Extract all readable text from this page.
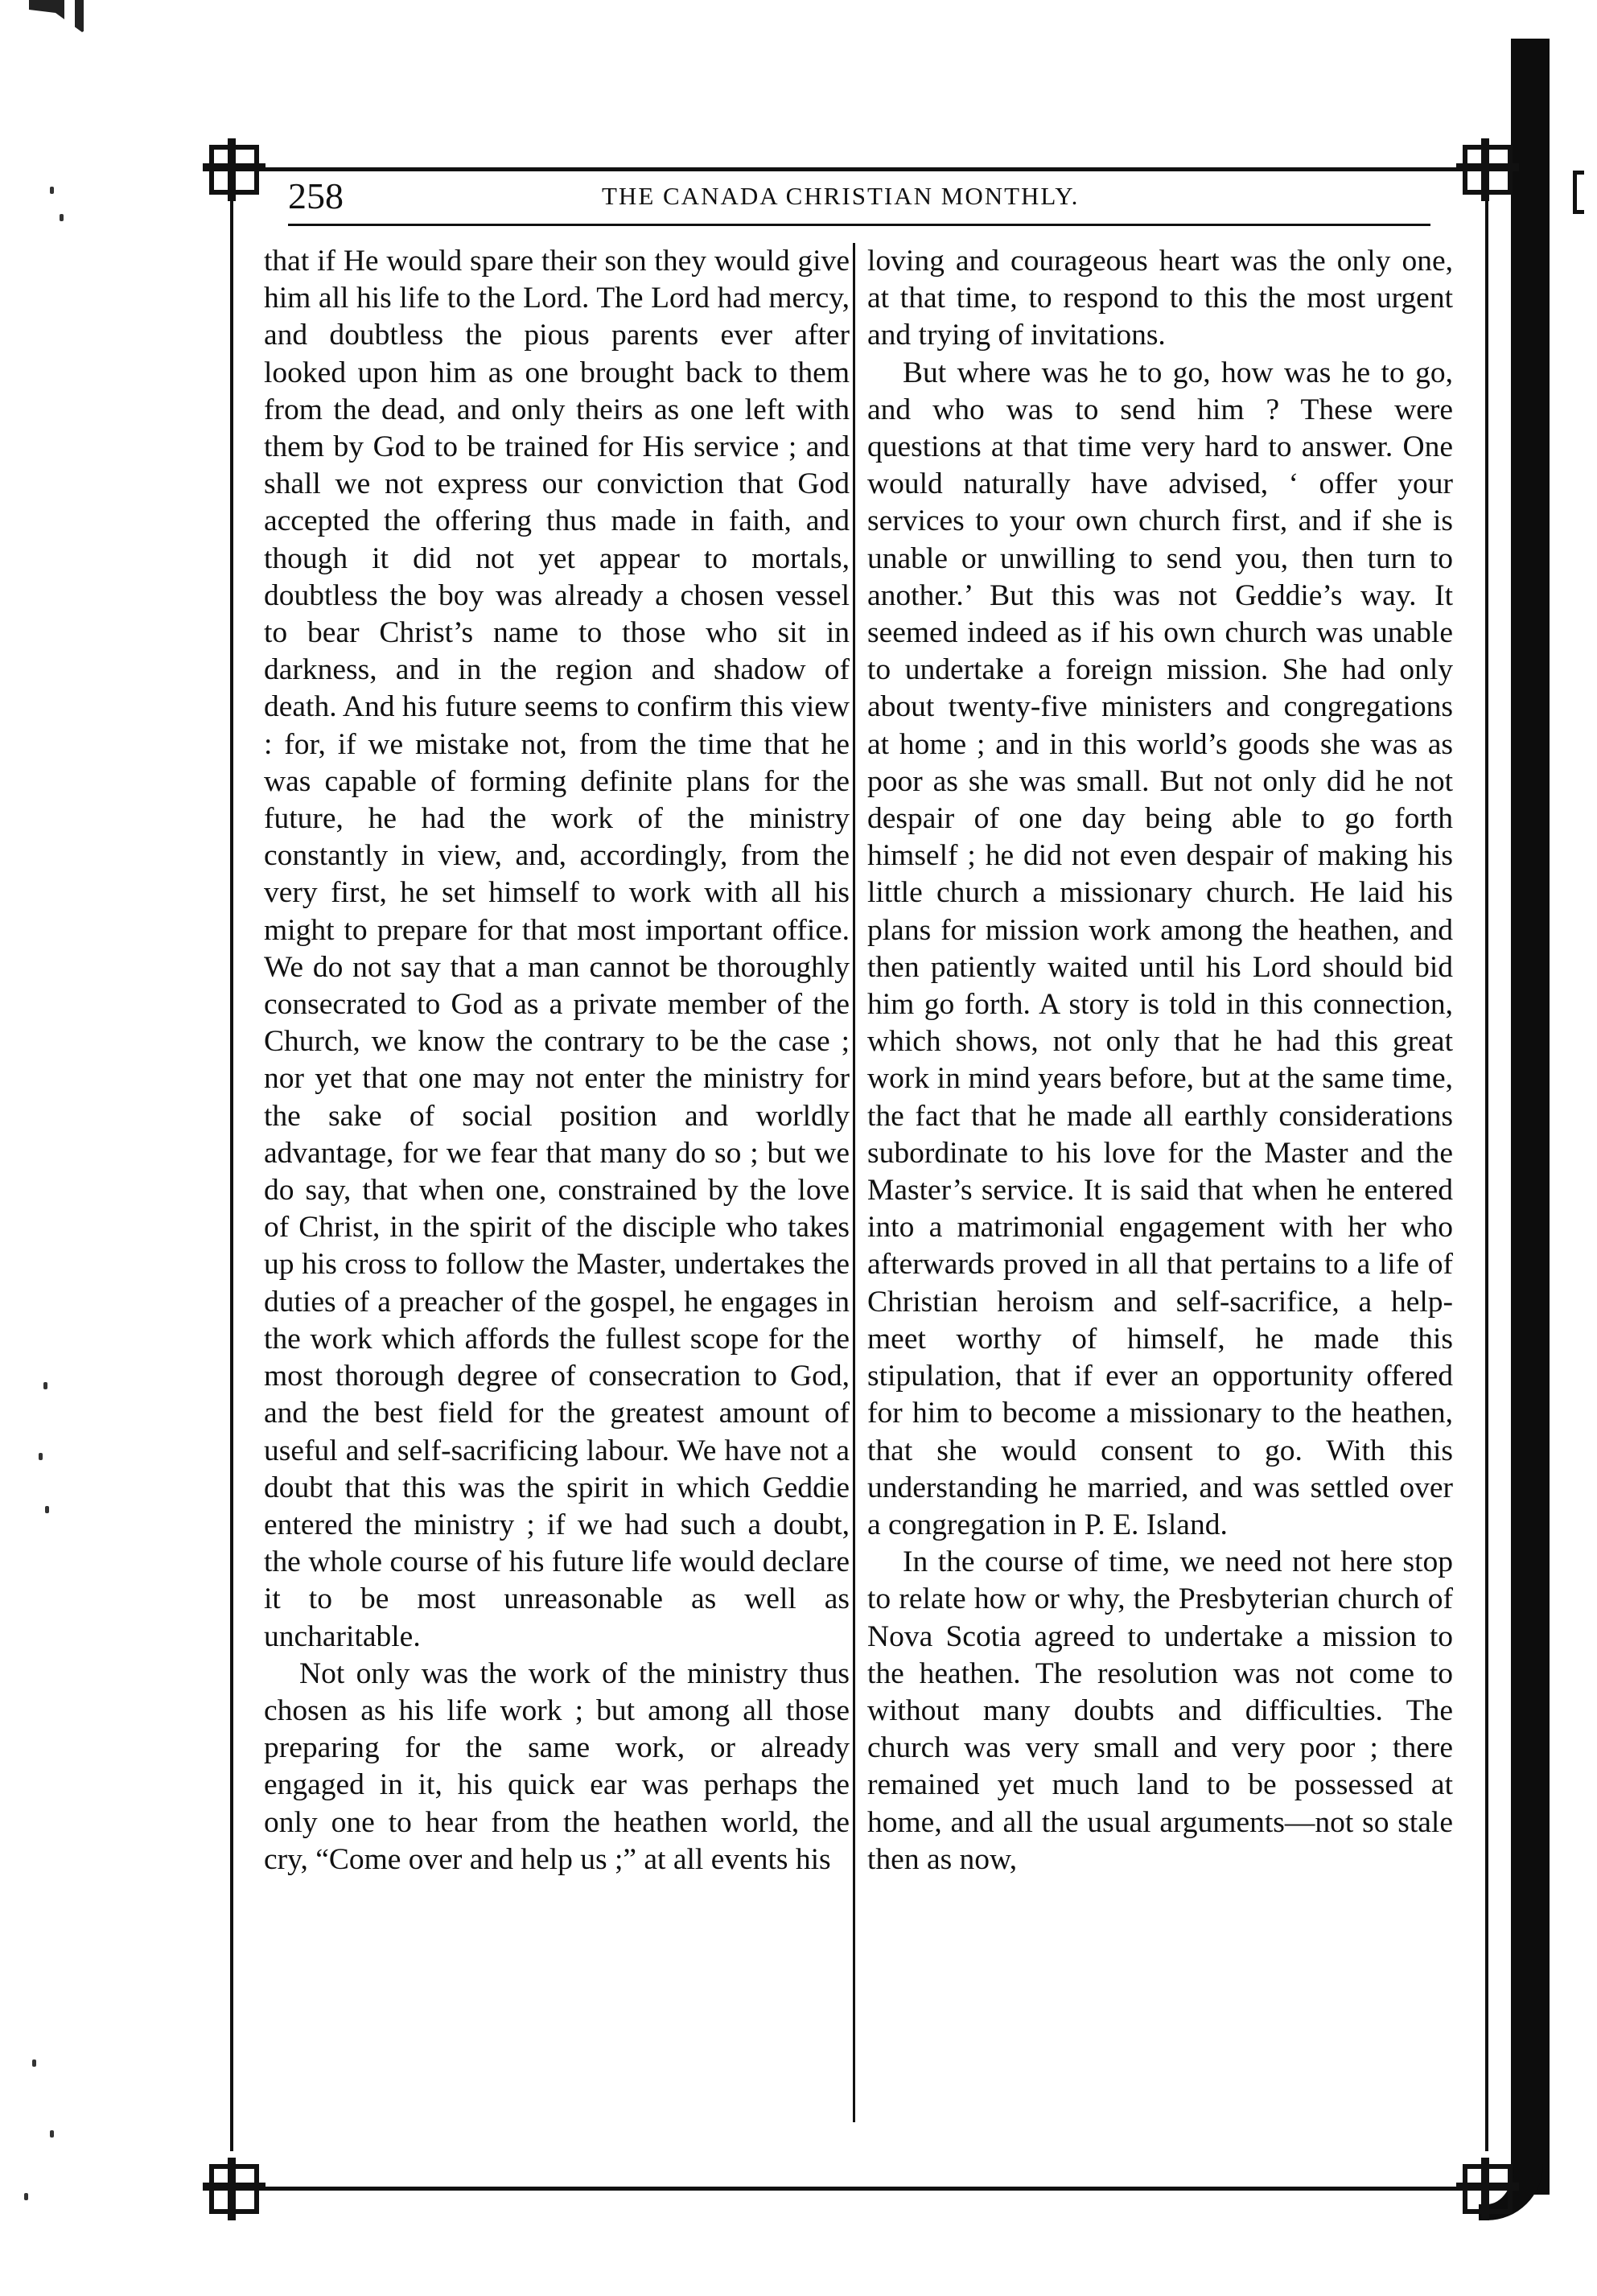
258	THE CANADA CHRISTIAN MONTHLY.

that if He would spare their son they would give him all his life to the Lord. The Lord had mercy, and doubtless the pious parents ever after looked upon him as one brought back to them from the dead, and only theirs as one left with them by God to be trained for His service ; and shall we not express our conviction that God accepted the offering thus made in faith, and though it did not yet appear to mortals, doubtless the boy was already a chosen vessel to bear Christ’s name to those who sit in darkness, and in the region and shadow of death. And his future seems to confirm this view : for, if we mistake not, from the time that he was capable of forming definite plans for the future, he had the work of the ministry constantly in view, and, accordingly, from the very first, he set himself to work with all his might to prepare for that most important office. We do not say that a man cannot be thoroughly consecrated to God as a private member of the Church, we know the contrary to be the case ; nor yet that one may not enter the ministry for the sake of social position and worldly advantage, for we fear that many do so ; but we do say, that when one, constrained by the love of Christ, in the spirit of the disciple who takes up his cross to follow the Master, undertakes the duties of a preacher of the gospel, he engages in the work which affords the fullest scope for the most thorough degree of consecration to God, and the best field for the greatest amount of useful and self-sacrificing labour. We have not a doubt that this was the spirit in which Geddie entered the ministry ; if we had such a doubt, the whole course of his future life would declare it to be most unreasonable as well as uncharitable.

Not only was the work of the ministry thus chosen as his life work ; but among all those preparing for the same work, or already engaged in it, his quick ear was perhaps the only one to hear from the heathen world, the cry, “Come over and help us ;” at all events his

loving and courageous heart was the only one, at that time, to respond to this the most urgent and trying of invitations.

But where was he to go, how was he to go, and who was to send him ? These were questions at that time very hard to answer. One would naturally have advised, ‘ offer your services to your own church first, and if she is unable or unwilling to send you, then turn to another.’ But this was not Geddie’s way. It seemed indeed as if his own church was unable to undertake a foreign mission. She had only about twenty-five ministers and congregations at home ; and in this world’s goods she was as poor as she was small. But not only did he not despair of one day being able to go forth himself ; he did not even despair of making his little church a missionary church. He laid his plans for mission work among the heathen, and then patiently waited until his Lord should bid him go forth. A story is told in this connection, which shows, not only that he had this great work in mind years before, but at the same time, the fact that he made all earthly considerations subordinate to his love for the Master and the Master’s service. It is said that when he entered into a matrimonial engagement with her who afterwards proved in all that pertains to a life of Christian heroism and self-sacrifice, a help-meet worthy of himself, he made this stipulation, that if ever an opportunity offered for him to become a missionary to the heathen, that she would consent to go. With this understanding he married, and was settled over a congregation in P. E. Island.

In the course of time, we need not here stop to relate how or why, the Presbyterian church of Nova Scotia agreed to undertake a mission to the heathen. The resolution was not come to without many doubts and difficulties. The church was very small and very poor ; there remained yet much land to be possessed at home, and all the usual arguments—not so stale then as now,
